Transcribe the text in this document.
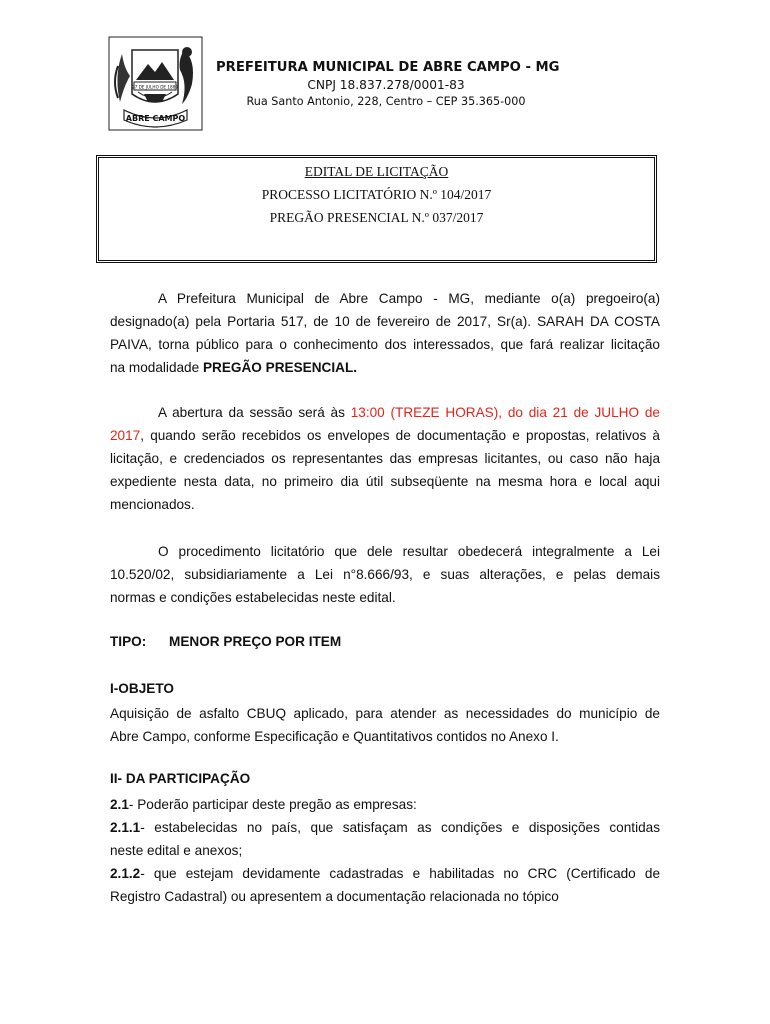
27 DE JULHO DE 1889
ABRE CAMPO
PREFEITURA MUNICIPAL DE ABRE CAMPO - MG
CNPJ 18.837.278/0001-83
Rua Santo Antonio, 228, Centro – CEP 35.365-000
EDITAL DE LICITAÇÃO
PROCESSO LICITATÓRIO N.º 104/2017
PREGÃO PRESENCIAL N.º 037/2017
A Prefeitura Municipal de Abre Campo - MG, mediante o(a) pregoeiro(a)
designado(a) pela Portaria 517, de 10 de fevereiro de 2017, Sr(a). SARAH DA COSTA
PAIVA, torna público para o conhecimento dos interessados, que fará realizar licitação
na modalidade PREGÃO PRESENCIAL.
A abertura da sessão será às 13:00 (TREZE HORAS), do dia 21 de JULHO de
2017, quando serão recebidos os envelopes de documentação e propostas, relativos à
licitação, e credenciados os representantes das empresas licitantes, ou caso não haja
expediente nesta data, no primeiro dia útil subseqüente na mesma hora e local aqui
mencionados.
O procedimento licitatório que dele resultar obedecerá integralmente a Lei
10.520/02, subsidiariamente a Lei n°8.666/93, e suas alterações, e pelas demais
normas e condições estabelecidas neste edital.
TIPO: MENOR PREÇO POR ITEM
I-OBJETO
Aquisição de asfalto CBUQ aplicado, para atender as necessidades do município de
Abre Campo, conforme Especificação e Quantitativos contidos no Anexo I.
II- DA PARTICIPAÇÃO
2.1- Poderão participar deste pregão as empresas:
2.1.1- estabelecidas no país, que satisfaçam as condições e disposições contidas
neste edital e anexos;
2.1.2- que estejam devidamente cadastradas e habilitadas no CRC (Certificado de
Registro Cadastral) ou apresentem a documentação relacionada no tópico
